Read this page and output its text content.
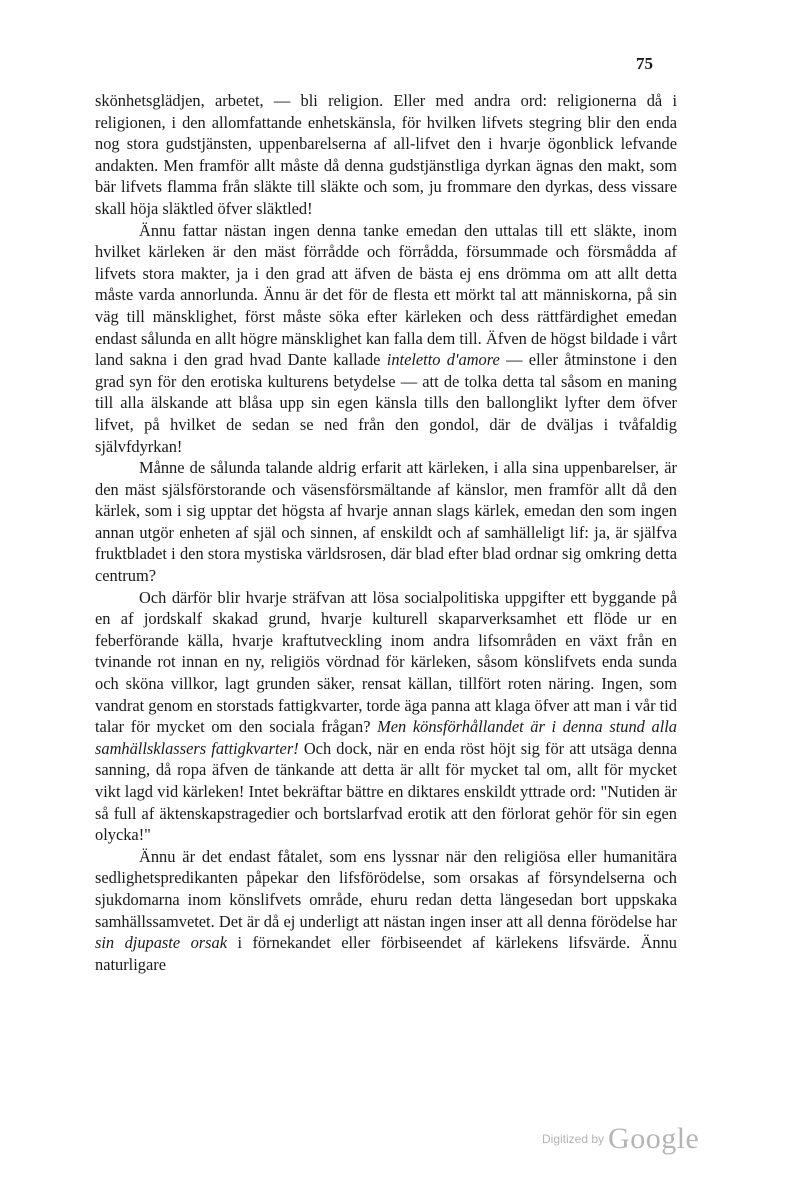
75

skönhetsglädjen, arbetet, — bli religion. Eller med andra ord: religionerna då i religionen, i den allomfattande enhetskänsla, för hvilken lifvets stegring blir den enda nog stora gudstjänsten, uppenbarelserna af all-lifvet den i hvarje ögonblick lefvande andakten. Men framför allt måste då denna gudstjänstliga dyrkan ägnas den makt, som bär lifvets flamma från släkte till släkte och som, ju frommare den dyrkas, dess vissare skall höja släktled öfver släktled!

Ännu fattar nästan ingen denna tanke emedan den uttalas till ett släkte, inom hvilket kärleken är den mäst förrådde och förrådda, försummade och försmådda af lifvets stora makter, ja i den grad att äfven de bästa ej ens drömma om att allt detta måste varda annorlunda. Ännu är det för de flesta ett mörkt tal att människorna, på sin väg till mänsklighet, först måste söka efter kärleken och dess rättfärdighet emedan endast sålunda en allt högre mänsklighet kan falla dem till. Äfven de högst bildade i vårt land sakna i den grad hvad Dante kallade inteletto d'amore — eller åtminstone i den grad syn för den erotiska kulturens betydelse — att de tolka detta tal såsom en maning till alla älskande att blåsa upp sin egen känsla tills den ballonglikt lyfter dem öfver lifvet, på hvilket de sedan se ned från den gondol, där de dväljas i tvåfaldig självfdyrkan!

Månne de sålunda talande aldrig erfarit att kärleken, i alla sina uppenbarelser, är den mäst själsförstorande och väsensförsmältande af känslor, men framför allt då den kärlek, som i sig upptar det högsta af hvarje annan slags kärlek, emedan den som ingen annan utgör enheten af själ och sinnen, af enskildt och af samhälleligt lif: ja, är själfva fruktbladet i den stora mystiska världsrosen, där blad efter blad ordnar sig omkring detta centrum?

Och därför blir hvarje sträfvan att lösa socialpolitiska uppgifter ett byggande på en af jordskalf skakad grund, hvarje kulturell skaparverksamhet ett flöde ur en feberförande källa, hvarje kraftutveckling inom andra lifsområden en växt från en tvinande rot innan en ny, religiös vördnad för kärleken, såsom könslifvets enda sunda och sköna villkor, lagt grunden säker, rensat källan, tillfört roten näring. Ingen, som vandrat genom en storstads fattigkvarter, torde äga panna att klaga öfver att man i vår tid talar för mycket om den sociala frågan? Men könsförhållandet är i denna stund alla samhällsklassers fattigkvarter! Och dock, när en enda röst höjt sig för att utsäga denna sanning, då ropa äfven de tänkande att detta är allt för mycket tal om, allt för mycket vikt lagd vid kärleken! Intet bekräftar bättre en diktares enskildt yttrade ord: "Nutiden är så full af äktenskapstragedier och bortslarfvad erotik att den förlorat gehör för sin egen olycka!"

Ännu är det endast fåtalet, som ens lyssnar när den religiösa eller humanitära sedlighetspredikanten påpekar den lifsförödelse, som orsakas af försyndelserna och sjukdomarna inom könslifvets område, ehuru redan detta längesedan bort uppskaka samhällssamvetet. Det är då ej underligt att nästan ingen inser att all denna förödelse har sin djupaste orsak i förnekandet eller förbiseendet af kärlekens lifsvärde. Ännu naturligare

Digitized by Google
